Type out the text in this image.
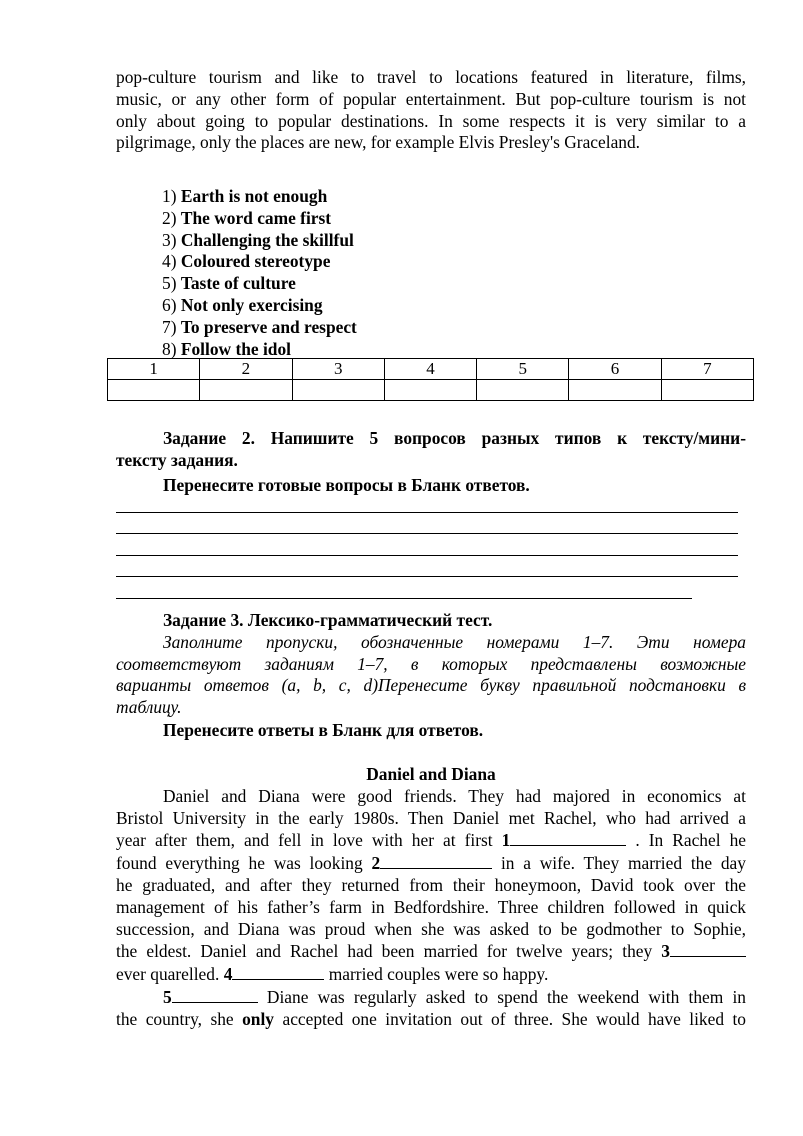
pop-culture tourism and like to travel to locations featured in literature, films,
music, or any other form of popular entertainment. But pop-culture tourism is not
only about going to popular destinations. In some respects it is very similar to a
pilgrimage, only the places are new, for example Elvis Presley's Graceland.
1) Earth is not enough
2) The word came first
3) Challenging the skillful
4) Coloured stereotype
5) Taste of culture
6) Not only exercising
7) To preserve and respect
8) Follow the idol
1	2	3	4	5	6	7

Задание 2. Напишите 5 вопросов разных типов к тексту/мини-
тексту задания.
Перенесите готовые вопросы в Бланк ответов.
Задание 3. Лексико-грамматический тест.
Заполните пропуски, обозначенные номерами 1–7. Эти номера
соответствуют заданиям 1–7, в которых представлены возможные
варианты ответов (a, b, c, d)Перенесите букву правильной подстановки в
таблицу.
Перенесите ответы в Бланк для ответов.
Daniel and Diana
Daniel and Diana were good friends. They had majored in economics at
Bristol University in the early 1980s. Then Daniel met Rachel, who had arrived a
year after them, and fell in love with her at first 1	. In Rachel he
found everything he was looking 2	in a wife. They married the day
he graduated, and after they returned from their honeymoon, David took over the
management of his father’s farm in Bedfordshire. Three children followed in quick
succession, and Diana was proud when she was asked to be godmother to Sophie,
the eldest. Daniel and Rachel had been married for twelve years; they 3
ever quarelled. 4	married couples were so happy.
5	Diane was regularly asked to spend the weekend with them in
the country, she only accepted one invitation out of three. She would have liked to
